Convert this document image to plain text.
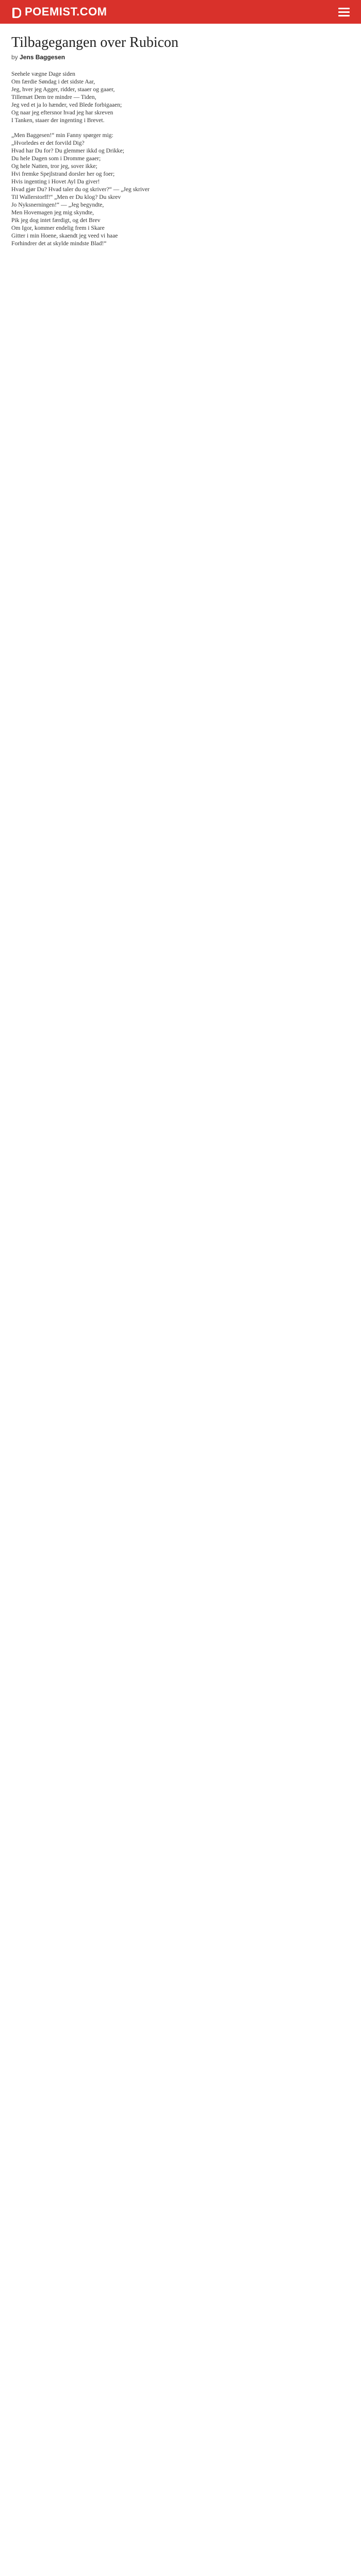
POEMIST.COM
Tilbagegangen over Rubicon
by Jens Baggesen
Seehele vægne Dage siden
Om færdie Søndag i det sidste Aar,
Jeg, hver jeg Agger, ridder, staaer og gaaer,
Tillemæt Dem tre mindre — Tiden,
Jeg ved et ja lo hænder, ved Blede forbigaaen;
Og naar jeg eftersnor hvad jeg har skreven
I Tanken, staaer der ingenting i Brevet.
„Men Baggesen!“ min Fanny spørger mig:
„Hvorledes er det forvild Dig?
Hvad har Du for? Du glemmer ikkd og Drikke;
Du hele Dagen som i Dromme gaaer;
Og hele Natten, tror jeg, sover ikke;
Hvi fremke Spejlstrand dorsler her og foer;
Hvis ingenting i Hovet Ayl Da giver!
Hvad gjør Du? Hvad taler du og skriver?“ — „Jeg skriver
Til Wallerstorff!“ „Men er Du klog? Du skrev
Jo Nyksnerningen!“ — „Jeg begyndte,
Men Hovemagen jeg mig skyndte,
Pik jeg dog intet færdigt, og det Brev
Om Igor, kommer endelig frem i Skare
Gitter i min Hoene, skaendt jeg veed vi haae
Forhindrer det at skylde mindste Blad!“
